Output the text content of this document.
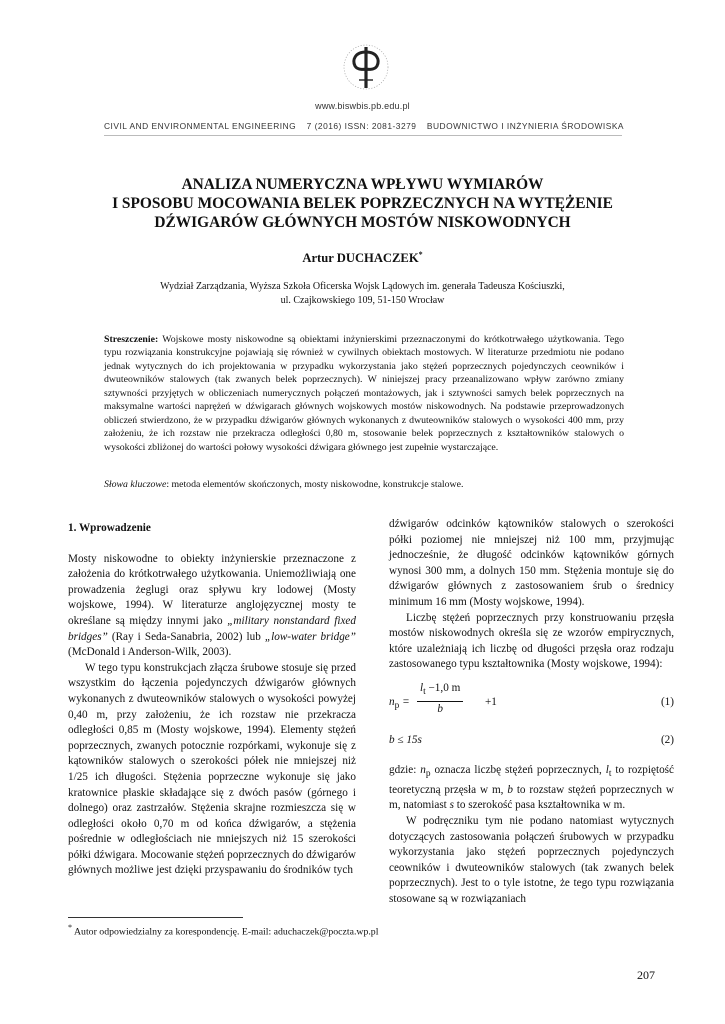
www.biswbis.pb.edu.pl
CIVIL AND ENVIRONMENTAL ENGINEERING 7 (2016) ISSN: 2081-3279 BUDOWNICTWO I INŻYNIERIA ŚRODOWISKA
ANALIZA NUMERYCZNA WPŁYWU WYMIARÓW
I SPOSOBU MOCOWANIA BELEK POPRZECZNYCH NA WYTĘŻENIE
DŹWIGARÓW GŁÓWNYCH MOSTÓW NISKOWODNYCH
Artur DUCHACZEK*
Wydział Zarządzania, Wyższa Szkoła Oficerska Wojsk Lądowych im. generała Tadeusza Kościuszki,
ul. Czajkowskiego 109, 51-150 Wrocław
Streszczenie: Wojskowe mosty niskowodne są obiektami inżynierskimi przeznaczonymi do krótkotrwałego użytkowania. Tego typu rozwiązania konstrukcyjne pojawiają się również w cywilnych obiektach mostowych. W literaturze przedmiotu nie podano jednak wytycznych do ich projektowania w przypadku wykorzystania jako stężeń poprzecznych pojedynczych ceowników i dwuteowników stalowych (tak zwanych belek poprzecznych). W niniejszej pracy przeanalizowano wpływ zarówno zmiany sztywności przyjętych w obliczeniach numerycznych połączeń montażowych, jak i sztywności samych belek poprzecznych na maksymalne wartości naprężeń w dźwigarach głównych wojskowych mostów niskowodnych. Na podstawie przeprowadzonych obliczeń stwierdzono, że w przypadku dźwigarów głównych wykonanych z dwuteowników stalowych o wysokości 400 mm, przy założeniu, że ich rozstaw nie przekracza odległości 0,80 m, stosowanie belek poprzecznych z kształtowników stalowych o wysokości zbliżonej do wartości połowy wysokości dźwigara głównego jest zupełnie wystarczające.
Słowa kluczowe: metoda elementów skończonych, mosty niskowodne, konstrukcje stalowe.
1. Wprowadzenie

Mosty niskowodne to obiekty inżynierskie przeznaczone z założenia do krótkotrwałego użytkowania. Uniemożliwiają one prowadzenia żeglugi oraz spływu kry lodowej (Mosty wojskowe, 1994). W literaturze anglojęzycznej mosty te określane są między innymi jako „military nonstandard fixed bridges” (Ray i Seda-Sanabria, 2002) lub „low-water bridge” (McDonald i Anderson-Wilk, 2003).

W tego typu konstrukcjach złącza śrubowe stosuje się przed wszystkim do łączenia pojedynczych dźwigarów głównych wykonanych z dwuteowników stalowych o wysokości powyżej 0,40 m, przy założeniu, że ich rozstaw nie przekracza odległości 0,85 m (Mosty wojskowe, 1994). Elementy stężeń poprzecznych, zwanych potocznie rozpórkami, wykonuje się z kątowników stalowych o szerokości półek nie mniejszej niż 1/25 ich długości. Stężenia poprzeczne wykonuje się jako kratownice płaskie składające się z dwóch pasów (górnego i dolnego) oraz zastrzałów. Stężenia skrajne rozmieszcza się w odległości około 0,70 m od końca dźwigarów, a stężenia pośrednie w odległościach nie mniejszych niż 15 szerokości półki dźwigara. Mocowanie stężeń poprzecznych do dźwigarów głównych możliwe jest dzięki przyspawaniu do środników tych

dźwigarów odcinków kątowników stalowych o szerokości półki poziomej nie mniejszej niż 100 mm, przyjmując jednocześnie, że długość odcinków kątowników górnych wynosi 300 mm, a dolnych 150 mm. Stężenia montuje się do dźwigarów głównych z zastosowaniem śrub o średnicy minimum 16 mm (Mosty wojskowe, 1994).

Liczbę stężeń poprzecznych przy konstruowaniu przęsła mostów niskowodnych określa się ze wzorów empirycznych, które uzależniają ich liczbę od długości przęsła oraz rodzaju zastosowanego typu kształtownika (Mosty wojskowe, 1994):

$n_p = \frac{l_t -1,0 m}{b} +1$	(1)
b ≤ 15s	(2)

gdzie: $n_p$ oznacza liczbę stężeń poprzecznych, $l_t$ to rozpiętość teoretyczną przęsła w m, b to rozstaw stężeń poprzecznych w m, natomiast s to szerokość pasa kształtownika w m.

W podręczniku tym nie podano natomiast wytycznych dotyczących zastosowania połączeń śrubowych w przypadku wykorzystania jako stężeń poprzecznych pojedynczych ceowników i dwuteowników stalowych (tak zwanych belek poprzecznych). Jest to o tyle istotne, że tego typu rozwiązania stosowane są w rozwiązaniach

* Autor odpowiedzialny za korespondencję. E-mail: aduchaczek@poczta.wp.pl
207
